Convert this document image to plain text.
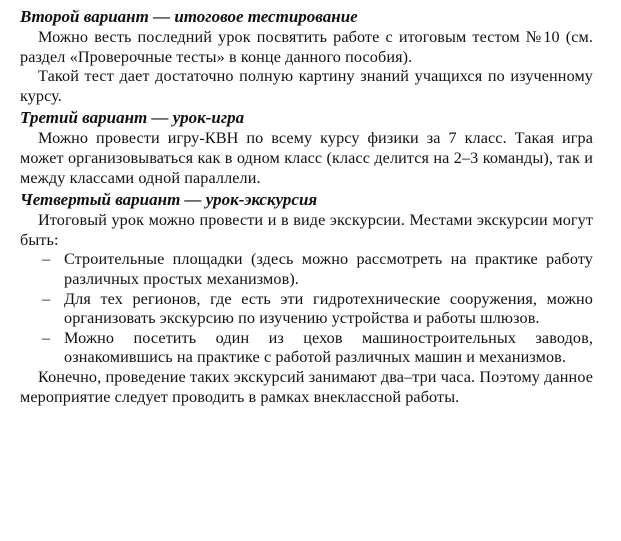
Второй вариант — итоговое тестирование

Можно весть последний урок посвятить работе с итоговым тестом №10 (см. раздел «Проверочные тесты» в конце данного пособия).

Такой тест дает достаточно полную картину знаний учащихся по изученному курсу.

Третий вариант — урок-игра

Можно провести игру-КВН по всему курсу физики за 7 класс. Такая игра может организовываться как в одном класс (класс делится на 2–3 команды), так и между классами одной параллели.

Четвертый вариант — урок-экскурсия

Итоговый урок можно провести и в виде экскурсии. Местами экскурсии могут быть:

– Строительные площадки (здесь можно рассмотреть на практике работу различных простых механизмов).
– Для тех регионов, где есть эти гидротехнические сооружения, можно организовать экскурсию по изучению устройства и работы шлюзов.
– Можно посетить один из цехов машиностроительных заводов, ознакомившись на практике с работой различных машин и механизмов.

Конечно, проведение таких экскурсий занимают два–три часа. Поэтому данное мероприятие следует проводить в рамках внеклассной работы.
